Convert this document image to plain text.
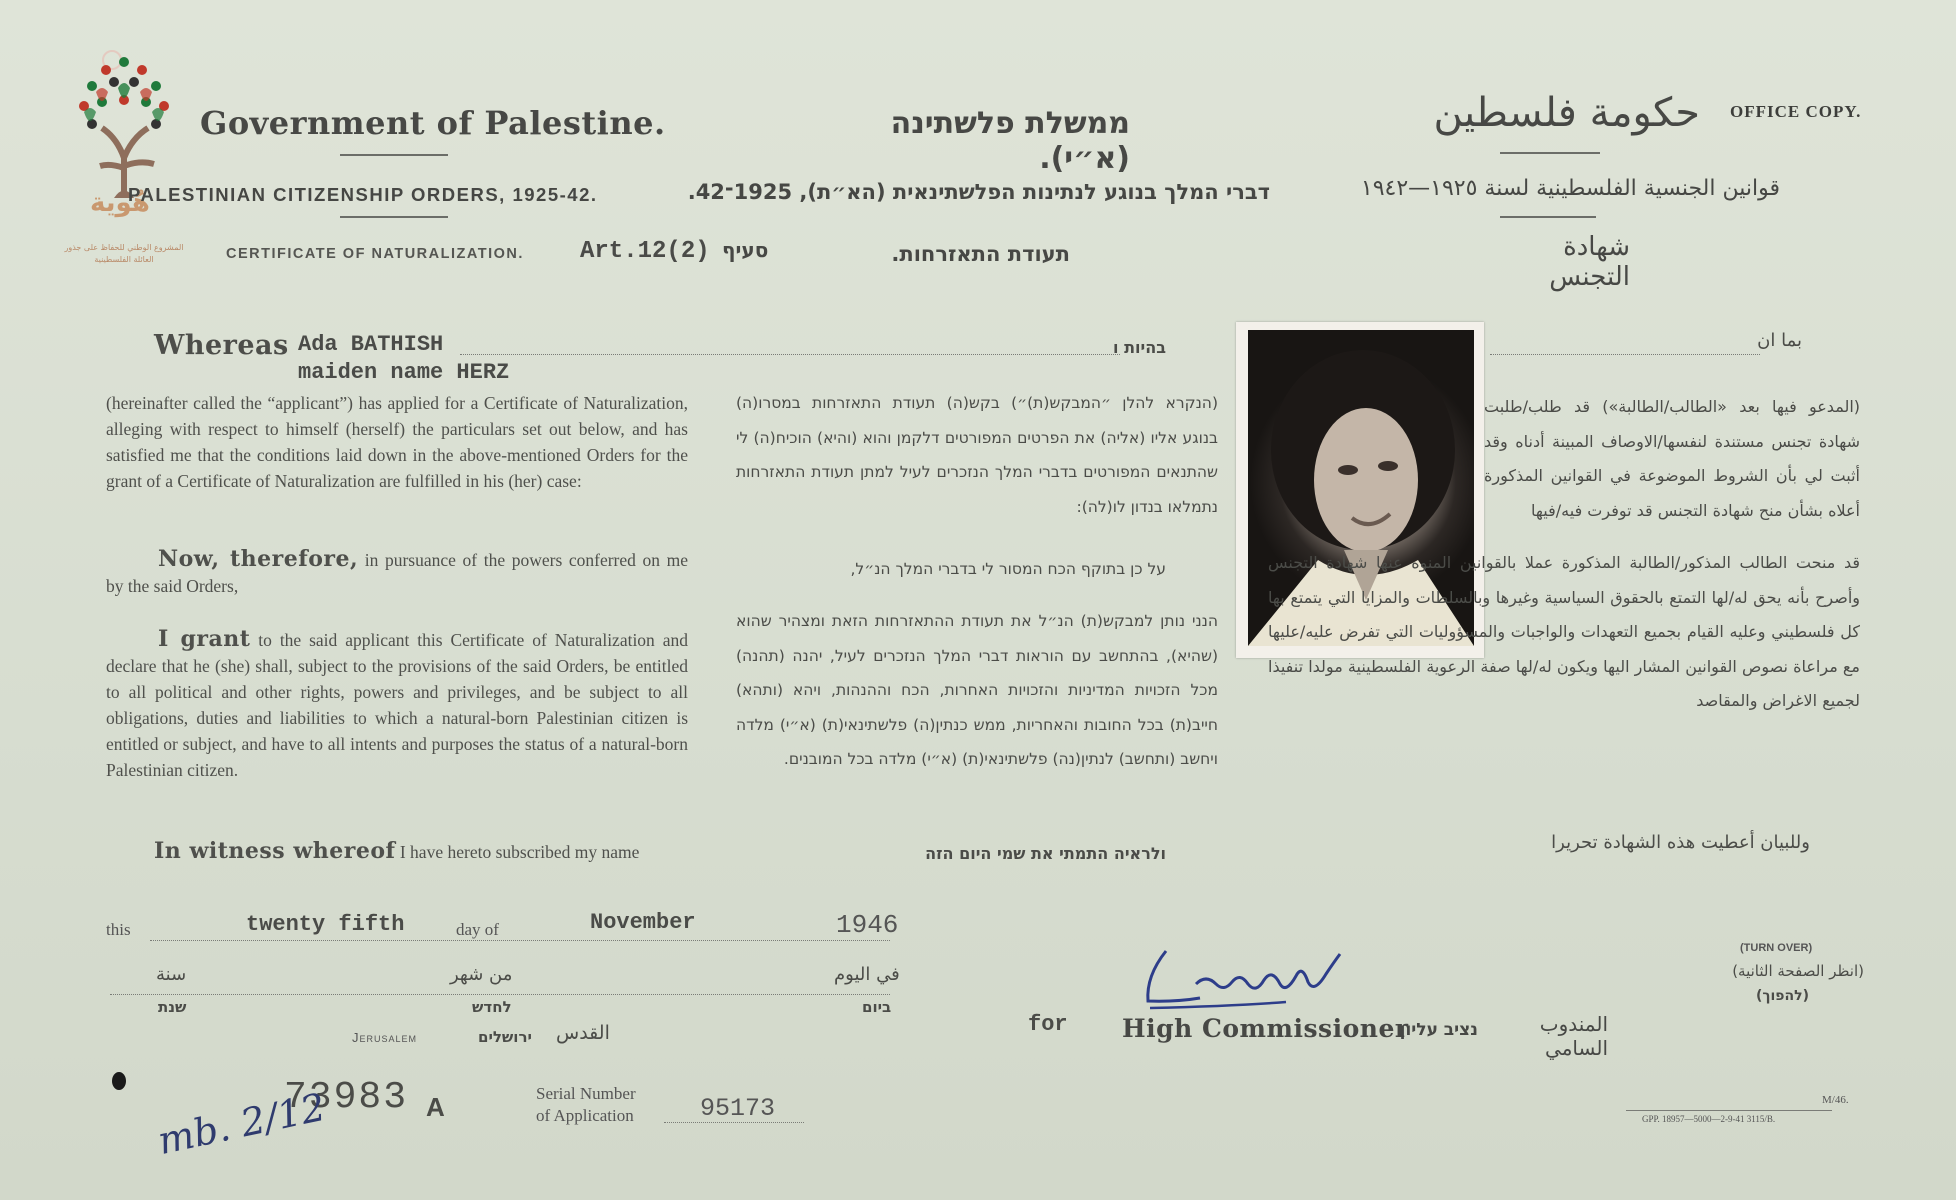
هُوية
المشروع الوطني للحفاظ على جذور العائلة الفلسطينية
Government of Palestine.	ממשלת פלשתינה (א״י).
حكومة فلسطين OFFICE COPY.
PALESTINIAN CITIZENSHIP ORDERS, 1925-42.	דברי המלך בנוגע לנתינות הפלשתינאית (הא״ת), 1925־42.	قوانين الجنسية الفلسطينية لسنة ١٩٢٥—١٩٤٢
CERTIFICATE OF NATURALIZATION. Art.12(2) סעיף	תעודת התאזרחות.	شهادة التجنس
Whereas Ada BATHISH
maiden name HERZ
בהיות ו	بما ان
(hereinafter called the “applicant”) has applied for a Certificate of Naturalization, alleging with respect to himself (herself) the particulars set out below, and has satisfied me that the conditions laid down in the above-mentioned Orders for the grant of a Certificate of Naturalization are fulfilled in his (her) case:
Now, therefore, in pursuance of the powers conferred on me by the said Orders,
I grant to the said applicant this Certificate of Naturalization and declare that he (she) shall, subject to the provisions of the said Orders, be entitled to all political and other rights, powers and privileges, and be subject to all obligations, duties and liabilities to which a natural-born Palestinian citizen is entitled or subject, and have to all intents and purposes the status of a natural-born Palestinian citizen.
In witness whereof I have hereto subscribed my name
(הנקרא להלן ״המבקש(ת)״) בקש(ה) תעודת התאזרחות במסרו(ה) בנוגע אליו (אליה) את הפרטים המפורטים דלקמן והוא (והיא) הוכיח(ה) לי שהתנאים המפורטים בדברי המלך הנזכרים לעיל למתן תעודת התאזרחות נתמלאו בנדון לו(לה):
על כן בתוקף הכח המסור לי בדברי המלך הנ״ל,
הנני נותן למבקש(ת) הנ״ל את תעודת ההתאזרחות הזאת ומצהיר שהוא (שהיא), בהתחשב עם הוראות דברי המלך הנזכרים לעיל, יהנה (תהנה) מכל הזכויות המדיניות והזכויות האחרות, הכח וההנהות, ויהא (ותהא) חייב(ת) בכל החובות והאחריות, ממש כנתין(ה) פלשתינאי(ת) (א״י) מלדה ויחשב (ותחשב) לנתין(נה) פלשתינאי(ת) (א״י) מלדה בכל המובנים.
ולראיה התמתי את שמי היום הזה
(المدعو فيها بعد «الطالب/الطالبة») قد طلب/طلبت شهادة تجنس مستندة لنفسها/الاوصاف المبينة أدناه وقد أثبت لي بأن الشروط الموضوعة في القوانين المذكورة أعلاه بشأن منح شهادة التجنس قد توفرت فيه/فيها
قد منحت الطالب المذكور/الطالبة المذكورة عملا بالقوانين المنوه عنها شهادة التجنس وأصرح بأنه يحق له/لها التمتع بالحقوق السياسية وغيرها وبالسلطات والمزايا التي يتمتع بها كل فلسطيني وعليه القيام بجميع التعهدات والواجبات والمسؤوليات التي تفرض عليه/عليها مع مراعاة نصوص القوانين المشار اليها ويكون له/لها صفة الرعوية الفلسطينية مولدا تنفيذا لجميع الاغراض والمقاصد
وللبيان أعطيت هذه الشهادة تحريرا
this	twenty fifth	day of	November	1946
سنة
שנת
من شهر
לחדש
في اليوم
ביום
Jerusalem	ירושלים القدس	for High Commissioner
נציב עליון	المندوب السامي
(TURN OVER)
(انظر الصفحة الثانية)
(להפוך)
73983 A	Serial Number
of Application	95173
mb. 2/12	M/46.
GPP. 18957—5000—2-9-41 3115/B.
